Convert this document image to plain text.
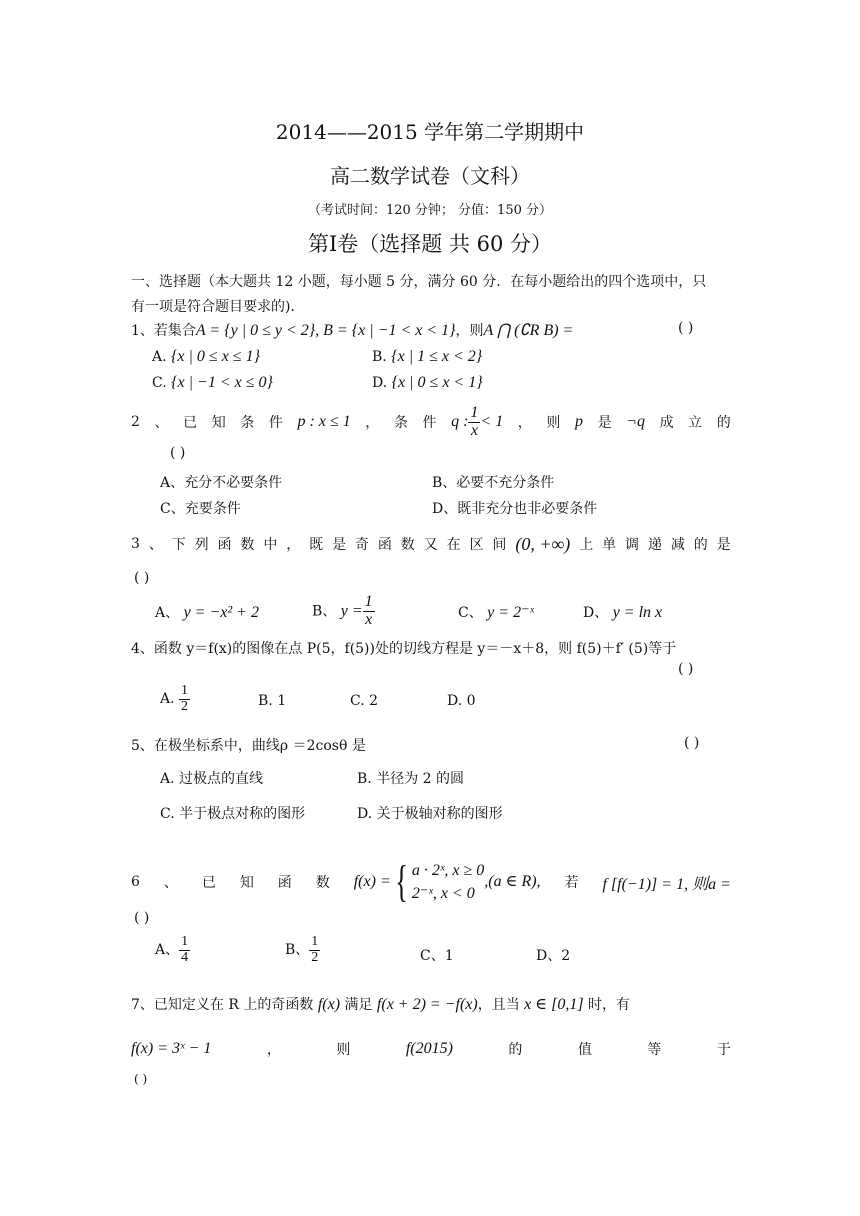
2014——2015 学年第二学期期中
高二数学试卷（文科）
（考试时间：120 分钟； 分值：150 分）
第Ⅰ卷（选择题 共 60 分）
一、选择题（本大题共 12 小题，每小题 5 分，满分 60 分．在每小题给出的四个选项中，只
有一项是符合题目要求的).
1、若集合A = {y | 0 ≤ y < 2}, B = {x | −1 < x < 1}，则A ⋂ (∁R B) =	( )
A. {x | 0 ≤ x ≤ 1}	B. {x | 1 ≤ x < 2}
C. {x | −1 < x ≤ 0}	D. {x | 0 ≤ x < 1}
2 、 已 知 条 件 p : x ≤ 1 ， 条 件 q : $\frac{1}{x} < 1$ ， 则 p 是 ¬q 成 立 的
( )
A、充分不必要条件	B、必要不充分条件
C、充要条件	D、既非充分也非必要条件
3 、 下 列 函 数 中 ， 既 是 奇 函 数 又 在 区 间 (0, +∞) 上 单 调 递 减 的 是
( )
A、 y = −x² + 2	B、 $y = \frac{1}{x}$	C、 y = 2⁻ˣ	D、 y = ln x
4、函数 y＝f(x)的图像在点 P(5，f(5))处的切线方程是 y＝－x＋8，则 f(5)＋f′ (5)等于
( )
A. $\frac{1}{2}$	B. 1	C. 2	D. 0
5、在极坐标系中，曲线ρ ＝2cosθ 是	( )
A. 过极点的直线	B. 半径为 2 的圆
C. 半于极点对称的图形	D. 关于极轴对称的图形
6 、 已 知 函 数 f(x) ={ a · 2ˣ, x ≥ 0
2⁻ˣ, x < 0
,(a ∈ R), 若 f [f(−1)] = 1, 则a =
( )
A、 $\frac{1}{4}$	B、 $\frac{1}{2}$	C、1	D、2
7、已知定义在 R 上的奇函数 f(x) 满足 f(x + 2) = −f(x)，且当 x ∈ [0,1] 时，有
f(x) = 3ˣ − 1	，	则	f(2015)	的	值	等	于
( )
